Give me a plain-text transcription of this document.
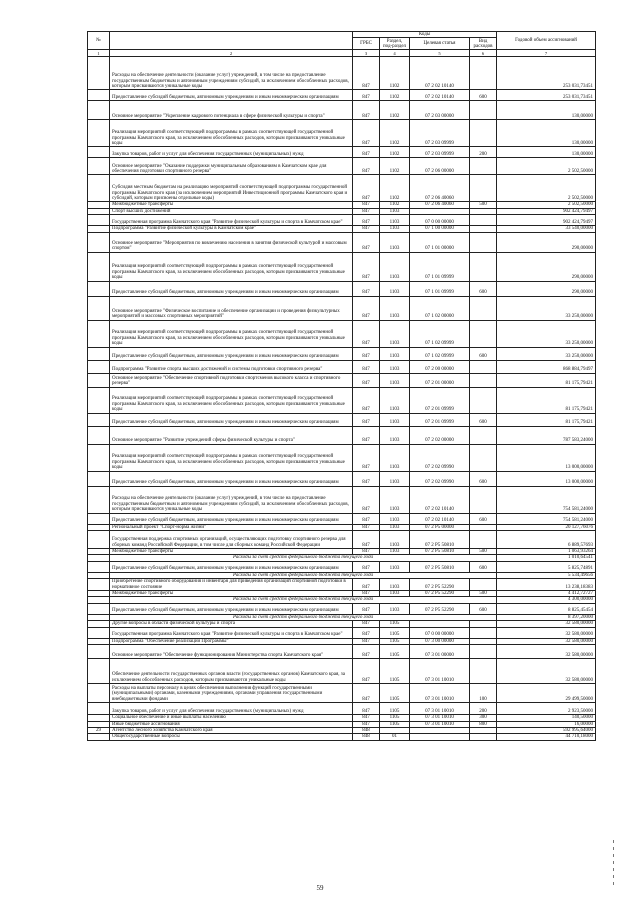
№		Коды				Годовой объем ассигнований
		ГРБС	Раздел, под-раздел	Целевая статья	Вид расходов	
1	2	3	4	5	6	7
	Расходы на обеспечение деятельности (оказание услуг) учреждений, в том числе на предоставление государственным бюджетным и автономным учреждениям субсидий, за исключением обособленных расходов, которым присваиваются уникальные коды	847	1102	07 2 02 10140		253 031,73451
	Предоставление субсидий бюджетным, автономным учреждениям и иным некоммерческим организациям	847	1102	07 2 02 10140	600	253 031,73451
	Основное мероприятие "Укрепление кадрового потенциала в сфере физической культуры и спорта"	847	1102	07 2 03 00000		130,00000
	Реализация мероприятий соответствующей подпрограммы в рамках соответствующей государственной программы Камчатского края, за исключением обособленных расходов, которым присваиваются уникальные коды	847	1102	07 2 03 09999		130,00000
	Закупка товаров, работ и услуг для обеспечения государственных (муниципальных) нужд	847	1102	07 2 03 09999	200	130,00000
	Основное мероприятие "Оказание поддержки муниципальным образованиям в Камчатском крае для обеспечения подготовки спортивного резерва"	847	1102	07 2 06 00000		2 502,50000
	Субсидия местным бюджетам на реализацию мероприятий соответствующей подпрограммы государственной программы Камчатского края (за исключением мероприятий Инвестиционной программы Камчатского края и субсидий, которым присвоены отдельные коды)	847	1102	07 2 06 40060		2 502,50000
	Межбюджетные трансферты	847	1102	07 2 06 40060	500	2 502,50000
	Спорт высших достижений	847	1103			902 424,79497
	Государственная программа Камчатского края "Развитие физической культуры и спорта в Камчатском крае"	847	1103	07 0 00 00000		902 424,79497
	Подпрограмма "Развитие физической культуры в Камчатском крае"	847	1103	07 1 00 00000		33 540,00000
	Основное мероприятие "Мероприятия по вовлечению населения в занятия физической культурой и массовым спортом"	847	1103	07 1 01 00000		290,00000
	Реализация мероприятий соответствующей подпрограммы в рамках соответствующей государственной программы Камчатского края, за исключением обособленных расходов, которым присваиваются уникальные коды	847	1103	07 1 01 09999		290,00000
	Предоставление субсидий бюджетным, автономным учреждениям и иным некоммерческим организациям	847	1103	07 1 01 09999	600	290,00000
	Основное мероприятие "Физическое воспитание и обеспечение организации и проведения физкультурных мероприятий и массовых спортивных мероприятий"	847	1103	07 1 02 00000		33 250,00000
	Реализация мероприятий соответствующей подпрограммы в рамках соответствующей государственной программы Камчатского края, за исключением обособленных расходов, которым присваиваются уникальные коды	847	1103	07 1 02 09999		33 250,00000
	Предоставление субсидий бюджетным, автономным учреждениям и иным некоммерческим организациям	847	1103	07 1 02 09999	600	33 250,00000
	Подпрограмма "Развитие спорта высших достижений и системы подготовки спортивного резерва"	847	1103	07 2 00 00000		868 884,79497
	Основное мероприятие "Обеспечение спортивной подготовки спортсменов высокого класса и спортивного резерва"	847	1103	07 2 01 00000		81 175,79421
	Реализация мероприятий соответствующей подпрограммы в рамках соответствующей государственной программы Камчатского края, за исключением обособленных расходов, которым присваиваются уникальные коды	847	1103	07 2 01 09999		81 175,79421
	Предоставление субсидий бюджетным, автономным учреждениям и иным некоммерческим организациям	847	1103	07 2 01 09999	600	81 175,79421
	Основное мероприятие "Развитие учреждений сферы физической культуры и спорта"	847	1103	07 2 02 00000		787 583,24000
	Реализация мероприятий соответствующей подпрограммы в рамках соответствующей государственной программы Камчатского края, за исключением обособленных расходов, которым присваиваются уникальные коды	847	1103	07 2 02 09990		13 000,00000
	Предоставление субсидий бюджетным, автономным учреждениям и иным некоммерческим организациям	847	1103	07 2 02 09990	600	13 000,00000
	Расходы на обеспечение деятельности (оказание услуг) учреждений, в том числе на предоставление государственным бюджетным и автономным учреждениям субсидий, за исключением обособленных расходов, которым присваиваются уникальные коды	847	1103	07 2 02 10140		754 581,24000
	Предоставление субсидий бюджетным, автономным учреждениям и иным некоммерческим организациям	847	1103	07 2 02 10140	600	754 581,24000
	Региональный проект "Спорт-норма жизни"	847	1103	07 2 P5 00000		20 127,76076
	Государственная поддержка спортивных организаций, осуществляющих подготовку спортивного резерва для сборных команд Российской Федерации, в том числе для сборных команд Российской Федерации	847	1103	07 2 P5 50810		6 889,57693
	Межбюджетные трансферты	847	1103	07 2 P5 50810	500	1 063,93264
	Расходы за счет средств федерального бюджета текущего года					1 010,64541
	Предоставление субсидий бюджетным, автономным учреждениям и иным некоммерческим организациям	847	1103	07 2 P5 50810	600	5 825,74891
	Расходы за счет средств федерального бюджета текущего года					5 534,49656
	Приобретение спортивного оборудования и инвентаря для приведения организаций спортивной подготовки в нормативное состояние	847	1103	07 2 P5 52290		13 238,18383
	Межбюджетные трансферты	847	1103	07 2 P5 52290	500	4 412,72727
	Расходы за счет средств федерального бюджета текущего года					4 300,00000
	Предоставление субсидий бюджетным, автономным учреждениям и иным некоммерческим организациям	847	1103	07 2 P5 52290	600	8 825,45454
	Расходы за счет средств федерального бюджета текущего года					8 397,20000
	Другие вопросы в области физической культуры и спорта	847	1105			32 580,00000
	Государственная программа Камчатского края "Развитие физической культуры и спорта в Камчатском крае"	847	1105	07 0 00 00000		32 580,00000
	Подпрограмма "Обеспечение реализации Программы"	847	1105	07 3 00 00000		32 580,00000
	Основное мероприятие "Обеспечение функционирования Министерства спорта Камчатского края"	847	1105	07 3 01 00000		32 580,00000
	Обеспечение деятельности государственных органов власти (государственных органов) Камчатского края, за исключением обособленных расходов, которым присваиваются уникальные коды	847	1105	07 3 01 10010		32 580,00000
	Расходы на выплаты персоналу в целях обеспечения выполнения функций государственными (муниципальными) органами, казенными учреждениями, органами управления государственными внебюджетными фондами	847	1105	07 3 01 10010	100	29 499,50000
	Закупка товаров, работ и услуг для обеспечения государственных (муниципальных) нужд	847	1105	07 3 01 10010	200	2 923,50000
	Социальное обеспечение и иные выплаты населению	847	1105	07 3 01 10010	300	140,50000
	Иные бюджетные ассигнования	847	1105	07 3 01 10010	800	16,00000
29	Агентство лесного хозяйства Камчатского края	848				592 995,64000
	Общегосударственные вопросы	848	01			44 710,18000
59
